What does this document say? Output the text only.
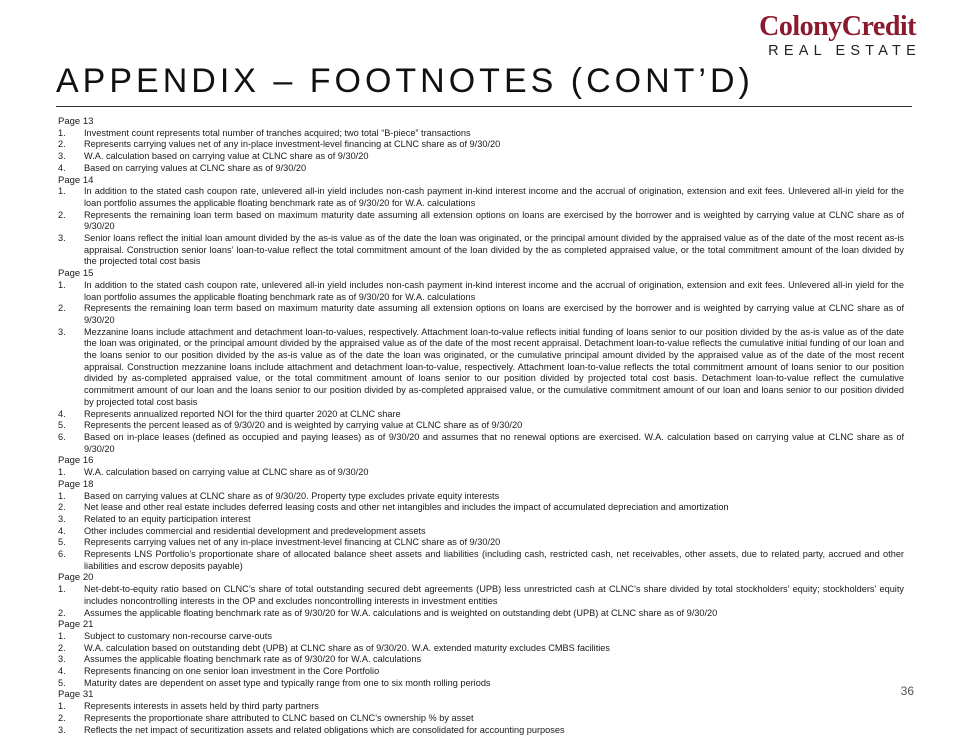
ColonyCredit
REAL ESTATE
APPENDIX – FOOTNOTES (CONT’D)
Page 13
1.	Investment count represents total number of tranches acquired; two total “B-piece” transactions
2.	Represents carrying values net of any in-place investment-level financing at CLNC share as of 9/30/20
3.	W.A. calculation based on carrying value at CLNC share as of 9/30/20
4.	Based on carrying values at CLNC share as of 9/30/20
Page 14
1.	In addition to the stated cash coupon rate, unlevered all-in yield includes non-cash payment in-kind interest income and the accrual of origination, extension and exit fees. Unlevered all-in yield for the loan portfolio assumes the applicable floating benchmark rate as of 9/30/20 for W.A. calculations
2.	Represents the remaining loan term based on maximum maturity date assuming all extension options on loans are exercised by the borrower and is weighted by carrying value at CLNC share as of 9/30/20
3.	Senior loans reflect the initial loan amount divided by the as-is value as of the date the loan was originated, or the principal amount divided by the appraised value as of the date of the most recent as-is appraisal. Construction senior loans’ loan-to-value reflect the total commitment amount of the loan divided by the as completed appraised value, or the total commitment amount of the loan divided by the projected total cost basis
Page 15
1.	In addition to the stated cash coupon rate, unlevered all-in yield includes non-cash payment in-kind interest income and the accrual of origination, extension and exit fees. Unlevered all-in yield for the loan portfolio assumes the applicable floating benchmark rate as of 9/30/20 for W.A. calculations
2.	Represents the remaining loan term based on maximum maturity date assuming all extension options on loans are exercised by the borrower and is weighted by carrying value at CLNC share as of 9/30/20
3.	Mezzanine loans include attachment and detachment loan-to-values, respectively. Attachment loan-to-value reflects initial funding of loans senior to our position divided by the as-is value as of the date the loan was originated, or the principal amount divided by the appraised value as of the date of the most recent appraisal. Detachment loan-to-value reflects the cumulative initial funding of our loan and the loans senior to our position divided by the as-is value as of the date the loan was originated, or the cumulative principal amount divided by the appraised value as of the date of the most recent appraisal. Construction mezzanine loans include attachment and detachment loan-to-value, respectively. Attachment loan-to-value reflects the total commitment amount of loans senior to our position divided by as-completed appraised value, or the total commitment amount of loans senior to our position divided by projected total cost basis. Detachment loan-to-value reflect the cumulative commitment amount of our loan and the loans senior to our position divided by as-completed appraised value, or the cumulative commitment amount of our loan and loans senior to our position divided by projected total cost basis
4.	Represents annualized reported NOI for the third quarter 2020 at CLNC share
5.	Represents the percent leased as of 9/30/20 and is weighted by carrying value at CLNC share as of 9/30/20
6.	Based on in-place leases (defined as occupied and paying leases) as of 9/30/20 and assumes that no renewal options are exercised. W.A. calculation based on carrying value at CLNC share as of 9/30/20
Page 16
1.	W.A. calculation based on carrying value at CLNC share as of 9/30/20
Page 18
1.	Based on carrying values at CLNC share as of 9/30/20. Property type excludes private equity interests
2.	Net lease and other real estate includes deferred leasing costs and other net intangibles and includes the impact of accumulated depreciation and amortization
3.	Related to an equity participation interest
4.	Other includes commercial and residential development and predevelopment assets
5.	Represents carrying values net of any in-place investment-level financing at CLNC share as of 9/30/20
6.	Represents LNS Portfolio’s proportionate share of allocated balance sheet assets and liabilities (including cash, restricted cash, net receivables, other assets, due to related party, accrued and other liabilities and escrow deposits payable)
Page 20
1.	Net-debt-to-equity ratio based on CLNC’s share of total outstanding secured debt agreements (UPB) less unrestricted cash at CLNC’s share divided by total stockholders’ equity; stockholders’ equity includes noncontrolling interests in the OP and excludes noncontrolling interests in investment entities
2.	Assumes the applicable floating benchmark rate as of 9/30/20 for W.A. calculations and is weighted on outstanding debt (UPB) at CLNC share as of 9/30/20
Page 21
1.	Subject to customary non-recourse carve-outs
2.	W.A. calculation based on outstanding debt (UPB) at CLNC share as of 9/30/20. W.A. extended maturity excludes CMBS facilities
3.	Assumes the applicable floating benchmark rate as of 9/30/20 for W.A. calculations
4.	Represents financing on one senior loan investment in the Core Portfolio
5.	Maturity dates are dependent on asset type and typically range from one to six month rolling periods
Page 31
1.	Represents interests in assets held by third party partners
2.	Represents the proportionate share attributed to CLNC based on CLNC’s ownership % by asset
3.	Reflects the net impact of securitization assets and related obligations which are consolidated for accounting purposes
36
